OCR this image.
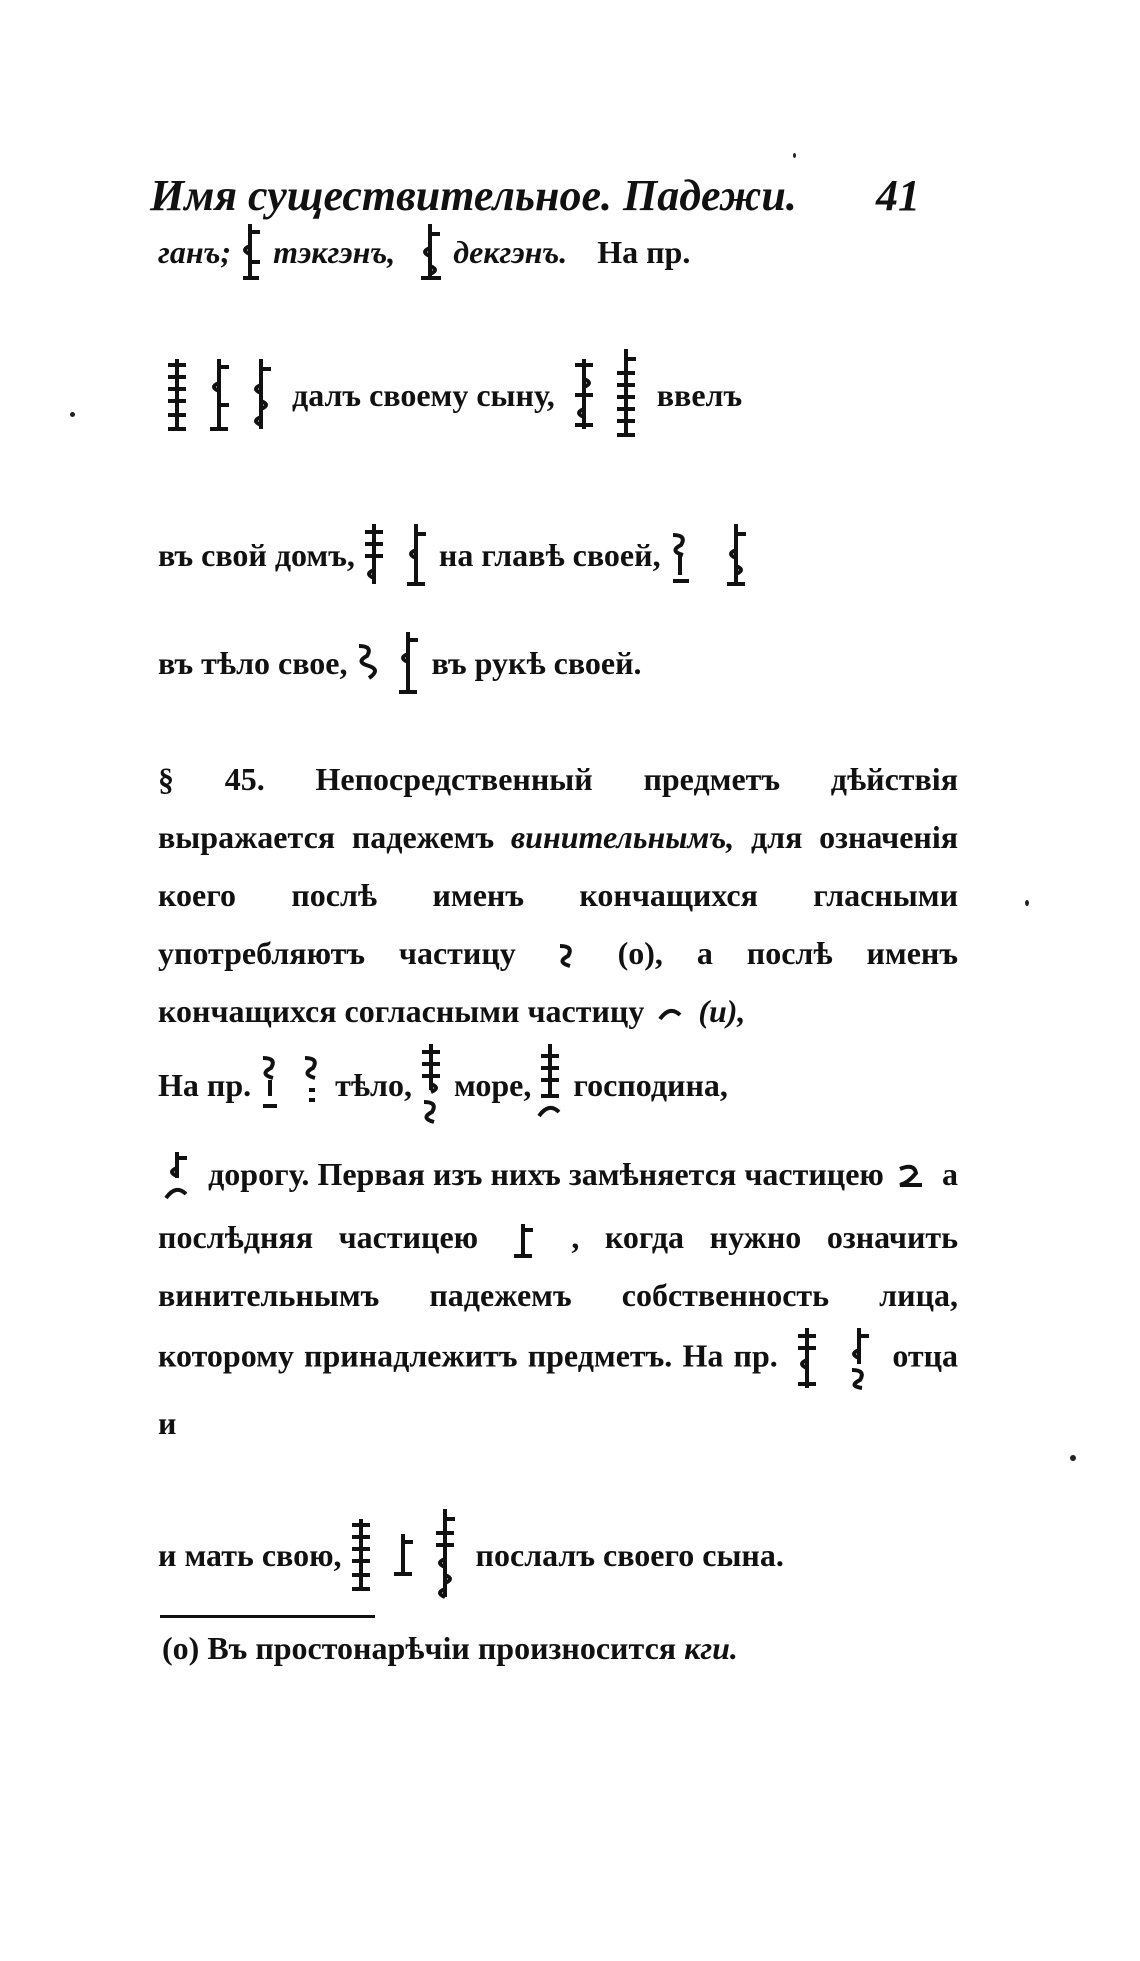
Имя существительное. Падежи. 41
ганъ; тэкгэнъ, декгэнъ. На пр.
далъ своему сыну,	ввелъ
въ свой домъ,	на главѣ своей,
въ тѣло свое,	въ рукѣ своей.
§ 45. Непосредственный предметъ дѣйствія выражается падежемъ винительнымъ, для означенія коего послѣ именъ кончащихся гласными употребляютъ частицу	(о), а послѣ именъ кончащихся согласными частицу (и),
На пр.	тѣло, море, господина,
дорогу. Первая изъ нихъ замѣняется частицею а послѣдняя частицею	, когда нужно означить винительнымъ падежемъ собственность лица, которому принадлежитъ предметъ. На пр.
	отца и
и мать свою,	послалъ своего сына.
(о) Въ простонарѣчіи произносится кги.
